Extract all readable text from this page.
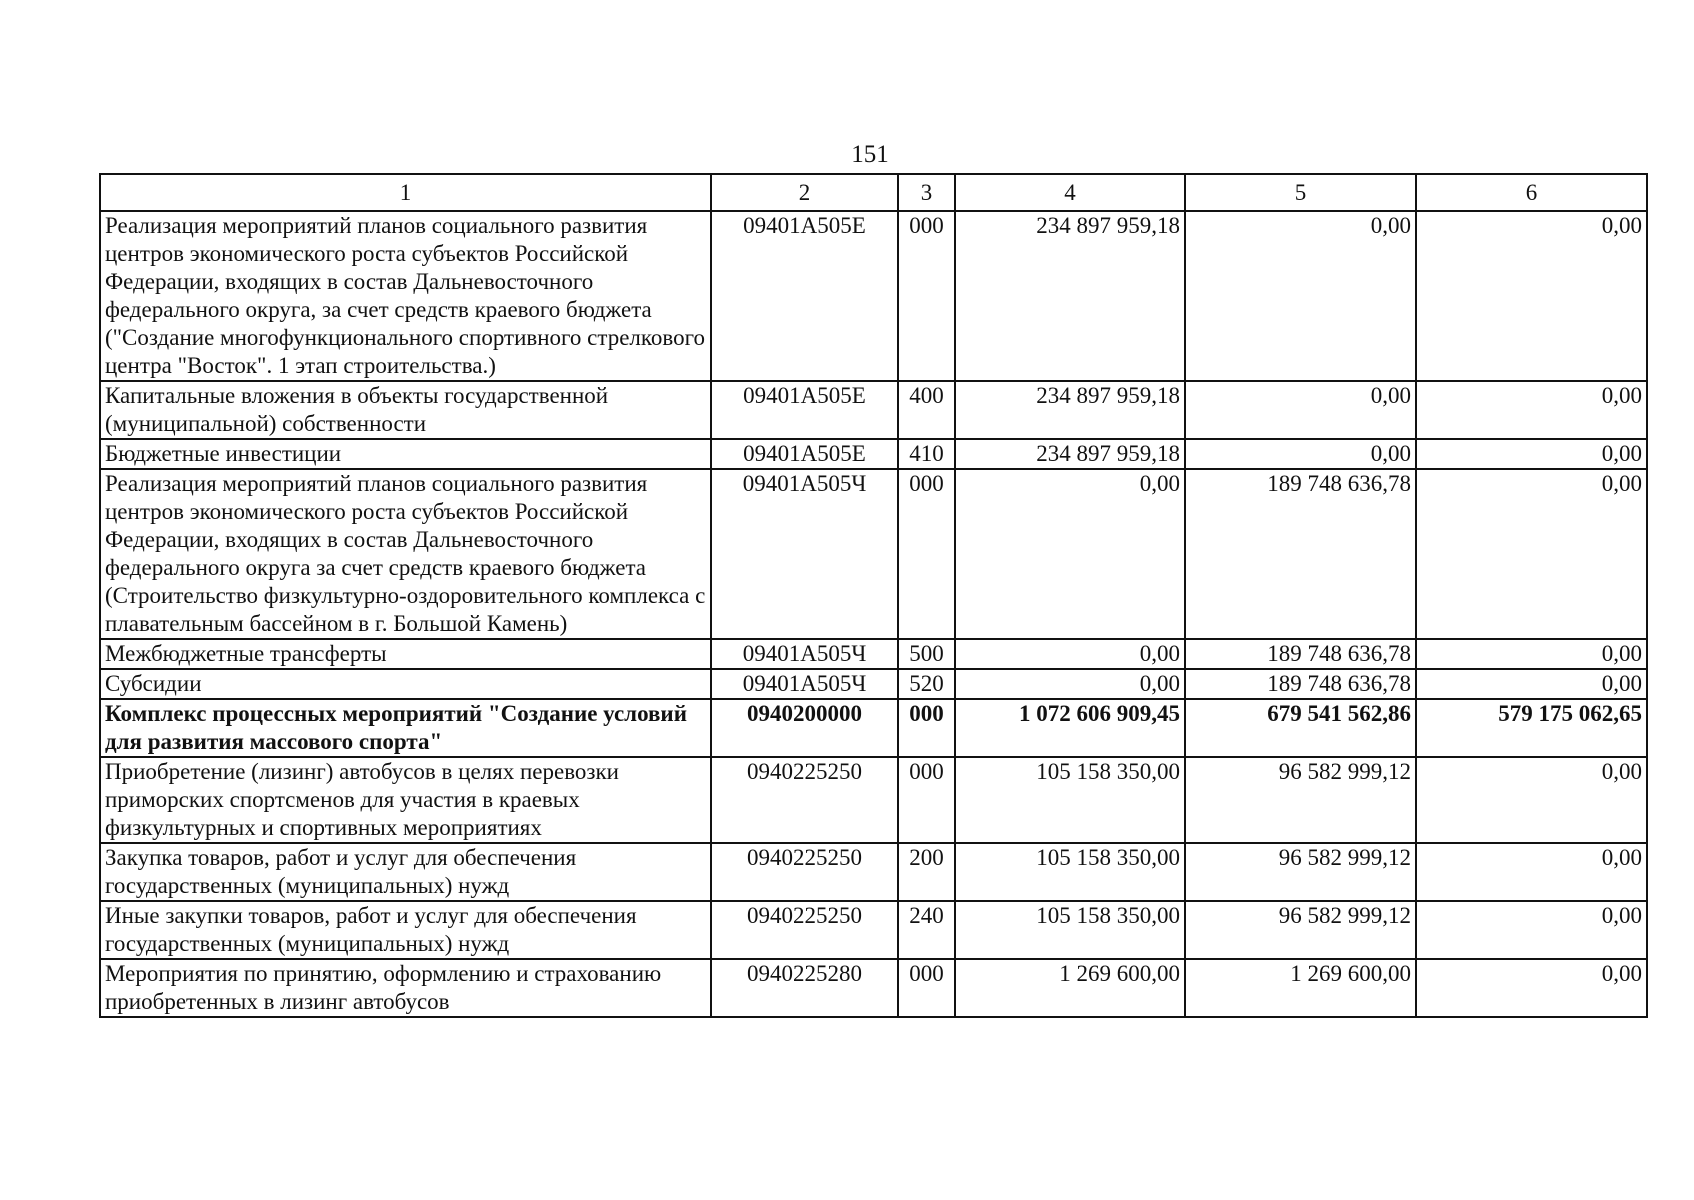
151
1	2	3	4	5	6
Реализация мероприятий планов социального развития центров экономического роста субъектов Российской Федерации, входящих в состав Дальневосточного федерального округа, за счет средств краевого бюджета ("Создание многофункционального спортивного стрелкового центра "Восток". 1 этап строительства.)	09401A505E	000	234 897 959,18	0,00	0,00
Капитальные вложения в объекты государственной (муниципальной) собственности	09401A505E	400	234 897 959,18	0,00	0,00
Бюджетные инвестиции	09401A505E	410	234 897 959,18	0,00	0,00
Реализация мероприятий планов социального развития центров экономического роста субъектов Российской Федерации, входящих в состав Дальневосточного федерального округа за счет средств краевого бюджета (Строительство физкультурно-оздоровительного комплекса с плавательным бассейном в г. Большой Камень)	09401A505Ч	000	0,00	189 748 636,78	0,00
Межбюджетные трансферты	09401A505Ч	500	0,00	189 748 636,78	0,00
Субсидии	09401A505Ч	520	0,00	189 748 636,78	0,00
Комплекс процессных мероприятий "Создание условий для развития массового спорта"	0940200000	000	1 072 606 909,45	679 541 562,86	579 175 062,65
Приобретение (лизинг) автобусов в целях перевозки приморских спортсменов для участия в краевых физкультурных и спортивных мероприятиях	0940225250	000	105 158 350,00	96 582 999,12	0,00
Закупка товаров, работ и услуг для обеспечения государственных (муниципальных) нужд	0940225250	200	105 158 350,00	96 582 999,12	0,00
Иные закупки товаров, работ и услуг для обеспечения государственных (муниципальных) нужд	0940225250	240	105 158 350,00	96 582 999,12	0,00
Мероприятия по принятию, оформлению и страхованию приобретенных в лизинг автобусов	0940225280	000	1 269 600,00	1 269 600,00	0,00
